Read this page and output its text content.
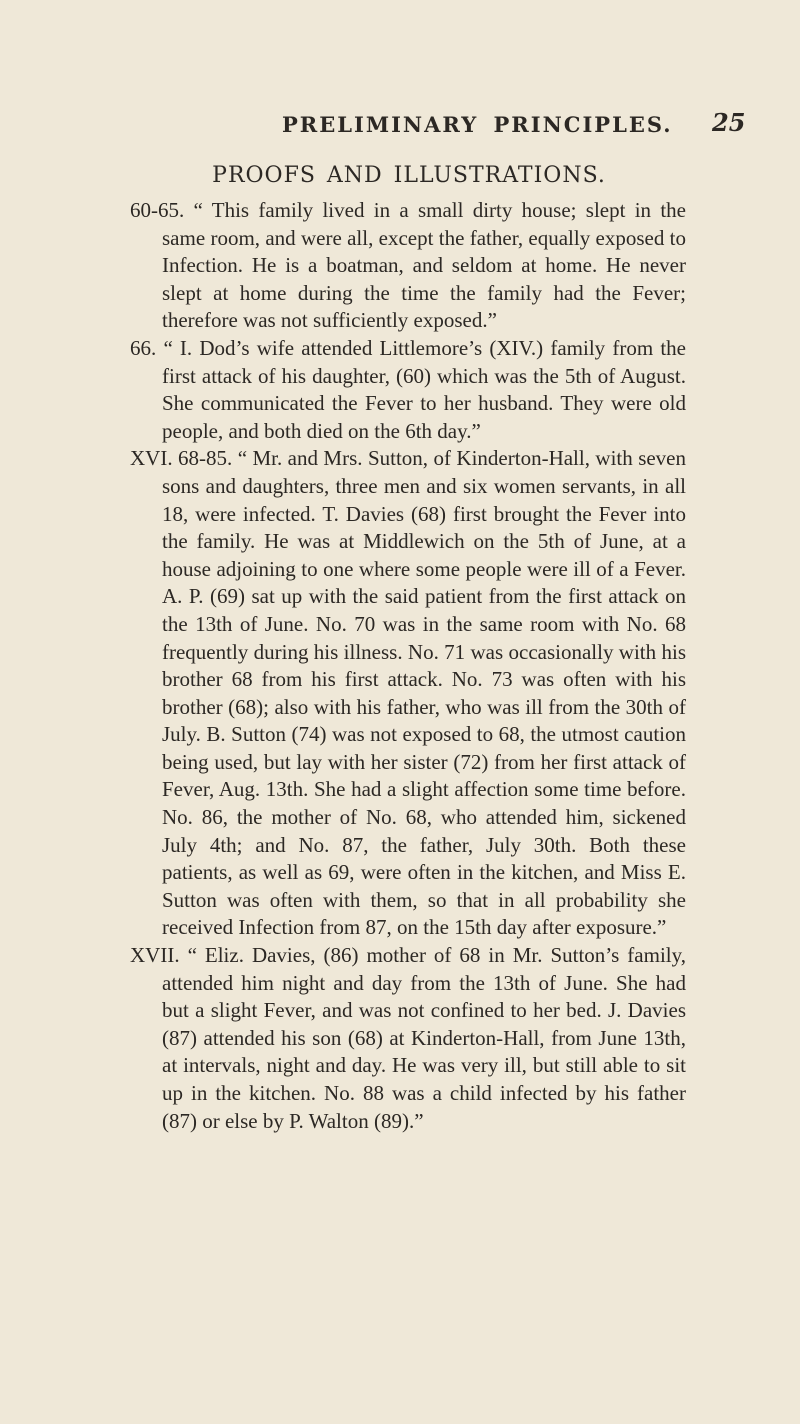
PRELIMINARY PRINCIPLES. 25
PROOFS AND ILLUSTRATIONS.

60-65. “ This family lived in a small dirty house; slept in the same room, and were all, except the father, equally exposed to Infection. He is a boatman, and seldom at home. He never slept at home during the time the family had the Fever; therefore was not sufficiently exposed.”

66. “ I. Dod’s wife attended Littlemore’s (XIV.) family from the first attack of his daughter, (60) which was the 5th of August. She communicated the Fever to her husband. They were old people, and both died on the 6th day.”

XVI. 68-85. “ Mr. and Mrs. Sutton, of Kinderton-Hall, with seven sons and daughters, three men and six women servants, in all 18, were infected. T. Davies (68) first brought the Fever into the family. He was at Middlewich on the 5th of June, at a house adjoining to one where some people were ill of a Fever. A. P. (69) sat up with the said patient from the first attack on the 13th of June. No. 70 was in the same room with No. 68 frequently during his illness. No. 71 was occasionally with his brother 68 from his first attack. No. 73 was often with his brother (68); also with his father, who was ill from the 30th of July. B. Sutton (74) was not exposed to 68, the utmost caution being used, but lay with her sister (72) from her first attack of Fever, Aug. 13th. She had a slight affection some time before. No. 86, the mother of No. 68, who attended him, sickened July 4th; and No. 87, the father, July 30th. Both these patients, as well as 69, were often in the kitchen, and Miss E. Sutton was often with them, so that in all probability she received Infection from 87, on the 15th day after exposure.”

XVII. “ Eliz. Davies, (86) mother of 68 in Mr. Sutton’s family, attended him night and day from the 13th of June. She had but a slight Fever, and was not confined to her bed. J. Davies (87) attended his son (68) at Kinderton-Hall, from June 13th, at intervals, night and day. He was very ill, but still able to sit up in the kitchen. No. 88 was a child infected by his father (87) or else by P. Walton (89).”
